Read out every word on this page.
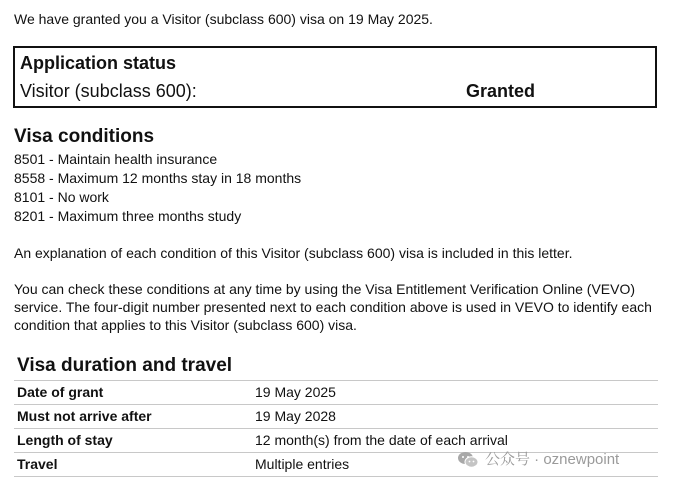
We have granted you a Visitor (subclass 600) visa on 19 May 2025.
Application status
Visitor (subclass 600):	Granted
Visa conditions
8501 - Maintain health insurance
8558 - Maximum 12 months stay in 18 months
8101 - No work
8201 - Maximum three months study
An explanation of each condition of this Visitor (subclass 600) visa is included in this letter.
You can check these conditions at any time by using the Visa Entitlement Verification Online (VEVO) service. The four-digit number presented next to each condition above is used in VEVO to identify each condition that applies to this Visitor (subclass 600) visa.
Visa duration and travel
Date of grant	19 May 2025
Must not arrive after	19 May 2028
Length of stay	12 month(s) from the date of each arrival
Travel	Multiple entries	公众号 · oznewpoint
